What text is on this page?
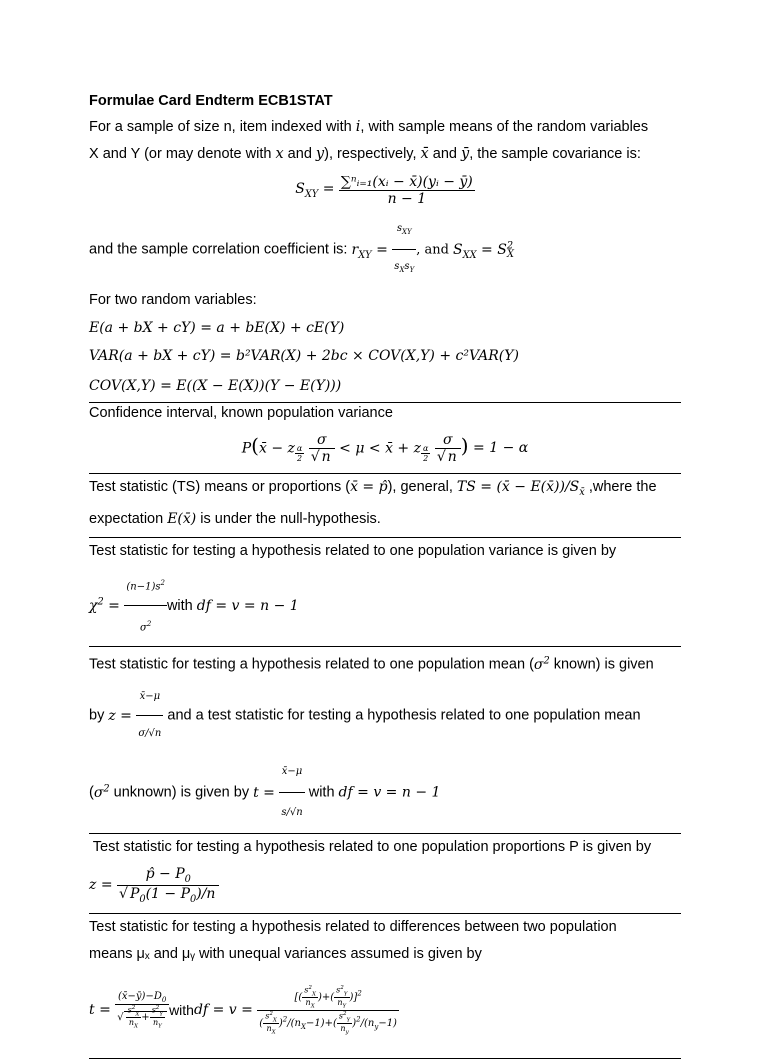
Formulae Card Endterm ECB1STAT
For a sample of size n, item indexed with i, with sample means of the random variables
X and Y (or may denote with x and y), respectively, x̄ and ȳ, the sample covariance is:
$S_{XY} = \frac{\text{∑ⁿᵢ₌₁(xᵢ − x̄)(yᵢ − ȳ)}}{n - 1}$
and the sample correlation coefficient is: $r_{XY} = \frac{s_{XY}}{s_Xs_Y}$ , and $S_{XX} = S^2_X$
For two random variables:
E(a + bX + cY) = a + bE(X) + cE(Y)
VAR(a + bX + cY) = b²VAR(X) + 2bc × COV(X,Y) + c²VAR(Y)
COV(X,Y) = E((X − E(X))(Y − E(Y)))
Confidence interval, known population variance
P(x̄ − z $_{\frac{\alpha}{2}}$
$\frac{\sigma}{√ n} < \mu$ < x̄ + z $_{\frac{\alpha}{2}}$
$\frac{\sigma}{√ n}$ ) = 1 − α
Test statistic (TS) means or proportions (x̄ = p̂), general, TS = (x̄ − $E(x̄))/S_{x̄}$ ,where the
expectation E(x̄) is under the null-hypothesis.
Test statistic for testing a hypothesis related to one population variance is given by
$\chi^2 = \frac{(n-1)s^2}{\sigma^2}$ with df = v = n − 1
Test statistic for testing a hypothesis related to one population mean ($\sigma^2$ known) is given
by $z = \frac{x̄-\mu}{\sigma/√n}$ and a test statistic for testing a hypothesis related to one population mean
($\sigma^2$ unknown) is given by $t = \frac{x̄-\mu}{s/√n}$ with df = v = n − 1
Test statistic for testing a hypothesis related to one population proportions P is given by
$z = \frac{p̂ - P_0}{√ P_0(1 - P_0)/n}$
Test statistic for testing a hypothesis related to differences between two population
means μₓ and μᵧ with unequal variances assumed is given by
$t = \frac{(x̄-ȳ)-D_0}{√ \frac{s^2_X}{n_X} + \frac{s^2_Y}{n_Y}}$ with df = $v = \frac{[( \frac{s^2_X}{n_X} )+( \frac{s^2_Y}{n_Y} )]^2}{( \frac{s^2_X}{n_X} )^2/(n_X-1)+( \frac{s^2_Y}{n_y} )^2/(n_y-1)}$
